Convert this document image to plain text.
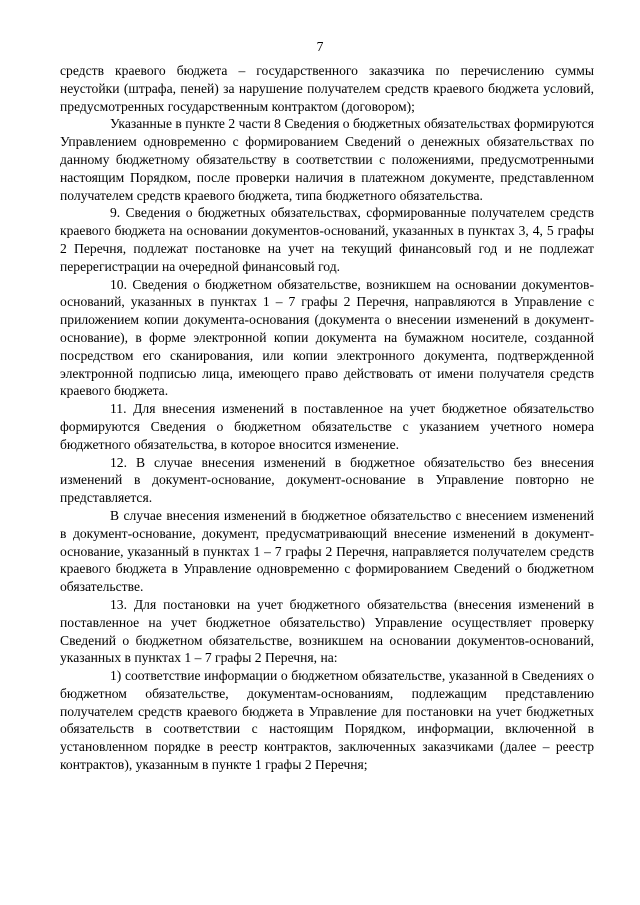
7

средств краевого бюджета – государственного заказчика по перечислению суммы неустойки (штрафа, пеней) за нарушение получателем средств краевого бюджета условий, предусмотренных государственным контрактом (договором);

Указанные в пункте 2 части 8 Сведения о бюджетных обязательствах формируются Управлением одновременно с формированием Сведений о денежных обязательствах по данному бюджетному обязательству в соответствии с положениями, предусмотренными настоящим Порядком, после проверки наличия в платежном документе, представленном получателем средств краевого бюджета, типа бюджетного обязательства.

9. Сведения о бюджетных обязательствах, сформированные получателем средств краевого бюджета на основании документов-оснований, указанных в пунктах 3, 4, 5 графы 2 Перечня, подлежат постановке на учет на текущий финансовый год и не подлежат перерегистрации на очередной финансовый год.

10. Сведения о бюджетном обязательстве, возникшем на основании документов-оснований, указанных в пунктах 1 – 7 графы 2 Перечня, направляются в Управление с приложением копии документа-основания (документа о внесении изменений в документ-основание), в форме электронной копии документа на бумажном носителе, созданной посредством его сканирования, или копии электронного документа, подтвержденной электронной подписью лица, имеющего право действовать от имени получателя средств краевого бюджета.

11. Для внесения изменений в поставленное на учет бюджетное обязательство формируются Сведения о бюджетном обязательстве с указанием учетного номера бюджетного обязательства, в которое вносится изменение.

12. В случае внесения изменений в бюджетное обязательство без внесения изменений в документ-основание, документ-основание в Управление повторно не представляется.

В случае внесения изменений в бюджетное обязательство с внесением изменений в документ-основание, документ, предусматривающий внесение изменений в документ-основание, указанный в пунктах 1 – 7 графы 2 Перечня, направляется получателем средств краевого бюджета в Управление одновременно с формированием Сведений о бюджетном обязательстве.

13. Для постановки на учет бюджетного обязательства (внесения изменений в поставленное на учет бюджетное обязательство) Управление осуществляет проверку Сведений о бюджетном обязательстве, возникшем на основании документов-оснований, указанных в пунктах 1 – 7 графы 2 Перечня, на:

1) соответствие информации о бюджетном обязательстве, указанной в Сведениях о бюджетном обязательстве, документам-основаниям, подлежащим представлению получателем средств краевого бюджета в Управление для постановки на учет бюджетных обязательств в соответствии с настоящим Порядком, информации, включенной в установленном порядке в реестр контрактов, заключенных заказчиками (далее – реестр контрактов), указанным в пункте 1 графы 2 Перечня;
